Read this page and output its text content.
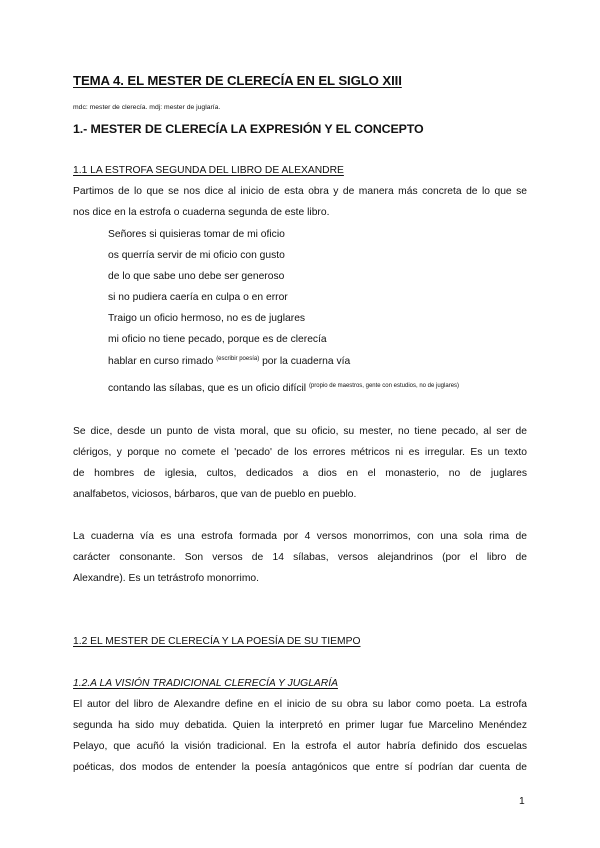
TEMA 4. EL MESTER DE CLERECÍA EN EL SIGLO XIII
mdc: mester de clerecía. mdj: mester de juglaría.
1.- MESTER DE CLERECÍA LA EXPRESIÓN Y EL CONCEPTO
1.1 LA ESTROFA SEGUNDA DEL LIBRO DE ALEXANDRE
Partimos de lo que se nos dice al inicio de esta obra y de manera más concreta de lo que se
nos dice en la estrofa o cuaderna segunda de este libro.
Señores si quisieras tomar de mi oficio
os querría servir de mi oficio con gusto
de lo que sabe uno debe ser generoso
si no pudiera caería en culpa o en error
Traigo un oficio hermoso, no es de juglares
mi oficio no tiene pecado, porque es de clerecía
hablar en curso rimado $^{(escribir poesía)}$ por la cuaderna vía
contando las sílabas, que es un oficio difícil $^{(propio de maestros, gente con estudios, no de juglares)}$
Se dice, desde un punto de vista moral, que su oficio, su mester, no tiene pecado, al ser de
clérigos, y porque no comete el 'pecado' de los errores métricos ni es irregular. Es un texto
de hombres de iglesia, cultos, dedicados a dios en el monasterio, no de juglares
analfabetos, viciosos, bárbaros, que van de pueblo en pueblo.
La cuaderna vía es una estrofa formada por 4 versos monorrimos, con una sola rima de
carácter consonante. Son versos de 14 sílabas, versos alejandrinos (por el libro de
Alexandre). Es un tetrástrofo monorrimo.
1.2 EL MESTER DE CLERECÍA Y LA POESÍA DE SU TIEMPO
1.2.A LA VISIÓN TRADICIONAL CLERECÍA Y JUGLARÍA
El autor del libro de Alexandre define en el inicio de su obra su labor como poeta. La estrofa
segunda ha sido muy debatida. Quien la interpretó en primer lugar fue Marcelino Menéndez
Pelayo, que acuñó la visión tradicional. En la estrofa el autor habría definido dos escuelas
poéticas, dos modos de entender la poesía antagónicos que entre sí podrían dar cuenta de
1
